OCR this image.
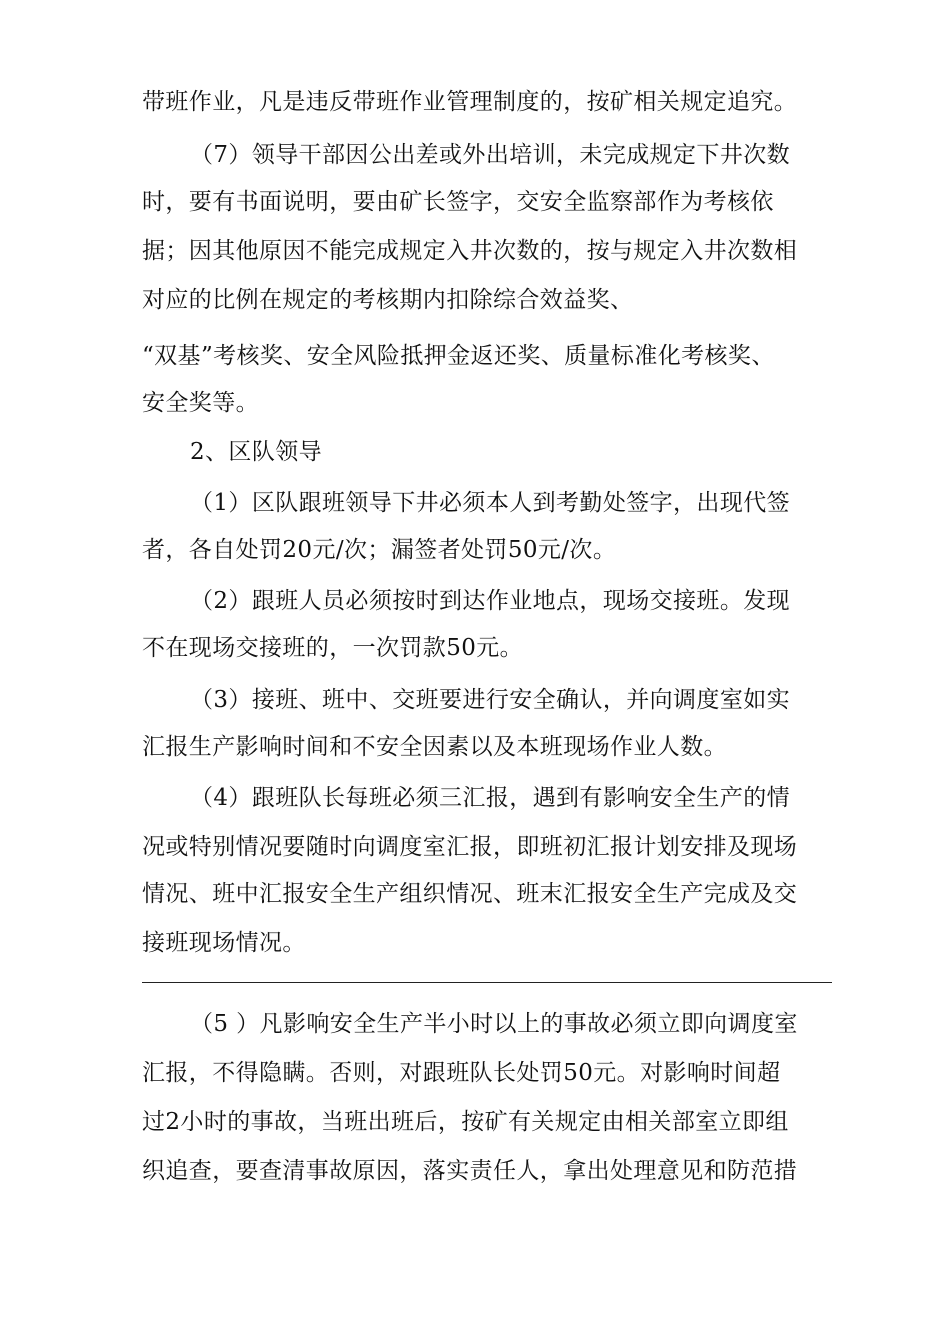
带班作业，凡是违反带班作业管理制度的，按矿相关规定追究。
（7）领导干部因公出差或外出培训，未完成规定下井次数
时，要有书面说明，要由矿长签字，交安全监察部作为考核依
据；因其他原因不能完成规定入井次数的，按与规定入井次数相
对应的比例在规定的考核期内扣除综合效益奖、
“双基”考核奖、安全风险抵押金返还奖、质量标准化考核奖、
安全奖等。
2、区队领导
（1）区队跟班领导下井必须本人到考勤处签字，出现代签
者，各自处罚20元/次；漏签者处罚50元/次。
（2）跟班人员必须按时到达作业地点，现场交接班。发现
不在现场交接班的，一次罚款50元。
（3）接班、班中、交班要进行安全确认，并向调度室如实
汇报生产影响时间和不安全因素以及本班现场作业人数。
（4）跟班队长每班必须三汇报，遇到有影响安全生产的情
况或特别情况要随时向调度室汇报，即班初汇报计划安排及现场
情况、班中汇报安全生产组织情况、班末汇报安全生产完成及交
接班现场情况。
（5 ）凡影响安全生产半小时以上的事故必须立即向调度室
汇报，不得隐瞒。否则，对跟班队长处罚50元。对影响时间超
过2小时的事故，当班出班后，按矿有关规定由相关部室立即组
织追查，要查清事故原因，落实责任人，拿出处理意见和防范措
